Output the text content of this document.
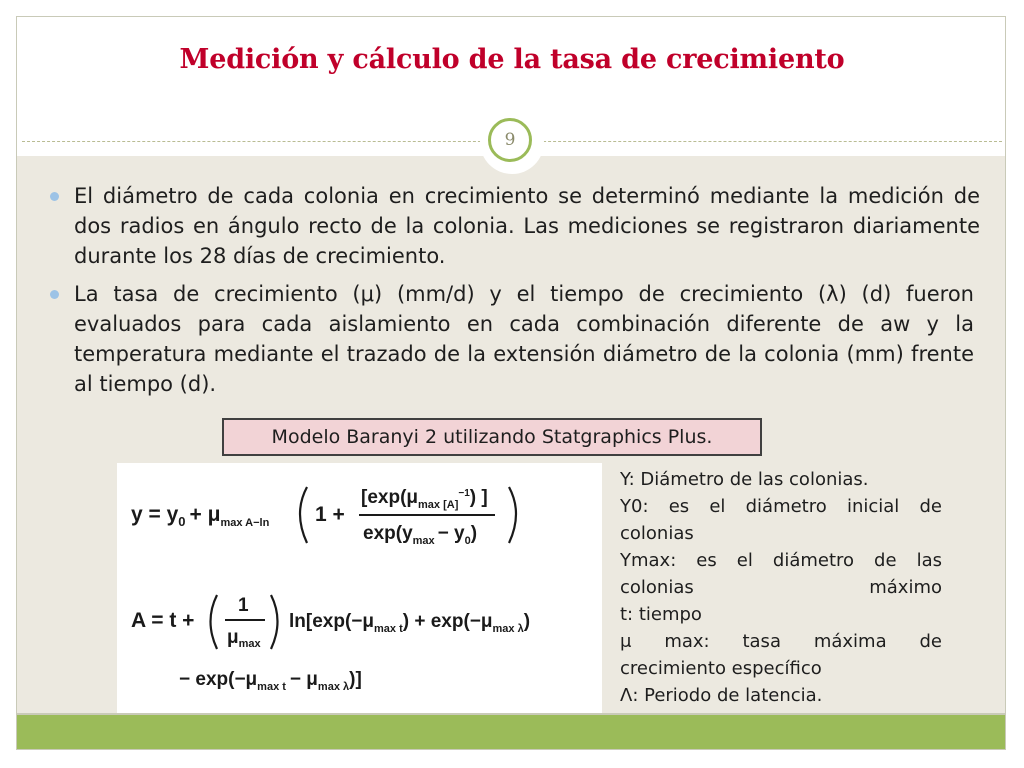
Medición y cálculo de la tasa de crecimiento
9

El diámetro de cada colonia en crecimiento se determinó mediante la medición de dos radios en ángulo recto de la colonia. Las mediciones se registraron diariamente durante los 28 días de crecimiento.

La tasa de crecimiento (μ) (mm/d) y el tiempo de crecimiento (λ) (d) fueron evaluados para cada aislamiento en cada combinación diferente de aw y la temperatura mediante el trazado de la extensión diámetro de la colonia (mm) frente al tiempo (d).

Modelo Baranyi 2 utilizando Statgraphics Plus.
$y = y_0 + \mu_{max A-ln}$ 1 +
[$\exp(\mu_{max [A]}^{-1})$ ]
$\exp(y_{max} - y_0)$
A = t +
1
$\mu_{max}$
$\ln[\exp(-\mu_{max t}) + \exp(-\mu_{max \lambda})$
− $\exp(-\mu_{max t} - \mu_{max \lambda})$]

Y: Diámetro de las colonias.

Y0: es el diámetro inicial de

colonias

Ymax: es el diámetro de las

colonias máximo

t: tiempo

μ max: tasa máxima de

crecimiento específico

Λ: Periodo de latencia.
